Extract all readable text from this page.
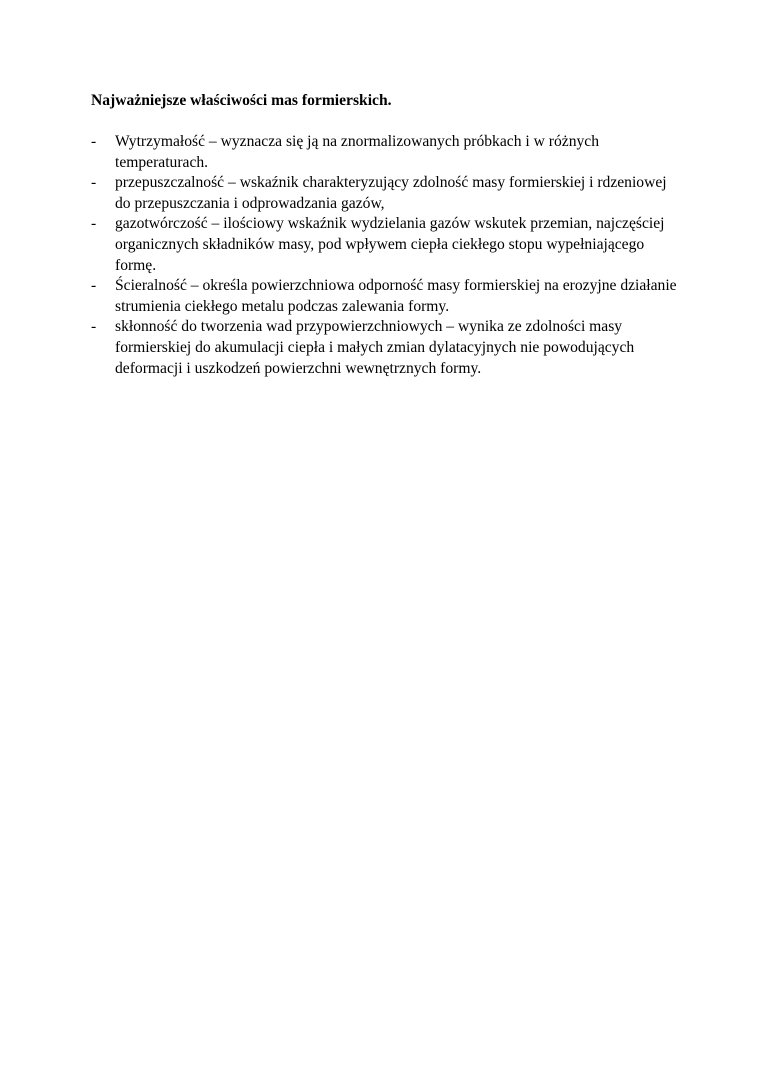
Najważniejsze właściwości mas formierskich.
-	Wytrzymałość – wyznacza się ją na znormalizowanych próbkach i w różnych temperaturach.
-	przepuszczalność – wskaźnik charakteryzujący zdolność masy formierskiej i rdzeniowej do przepuszczania i odprowadzania gazów,
-	gazotwórczość – ilościowy wskaźnik wydzielania gazów wskutek przemian, najczęściej organicznych składników masy, pod wpływem ciepła ciekłego stopu wypełniającego formę.
-	Ścieralność – określa powierzchniowa odporność masy formierskiej na erozyjne działanie strumienia ciekłego metalu podczas zalewania formy.
-	skłonność do tworzenia wad przypowierzchniowych – wynika ze zdolności masy formierskiej do akumulacji ciepła i małych zmian dylatacyjnych nie powodujących deformacji i uszkodzeń powierzchni wewnętrznych formy.
